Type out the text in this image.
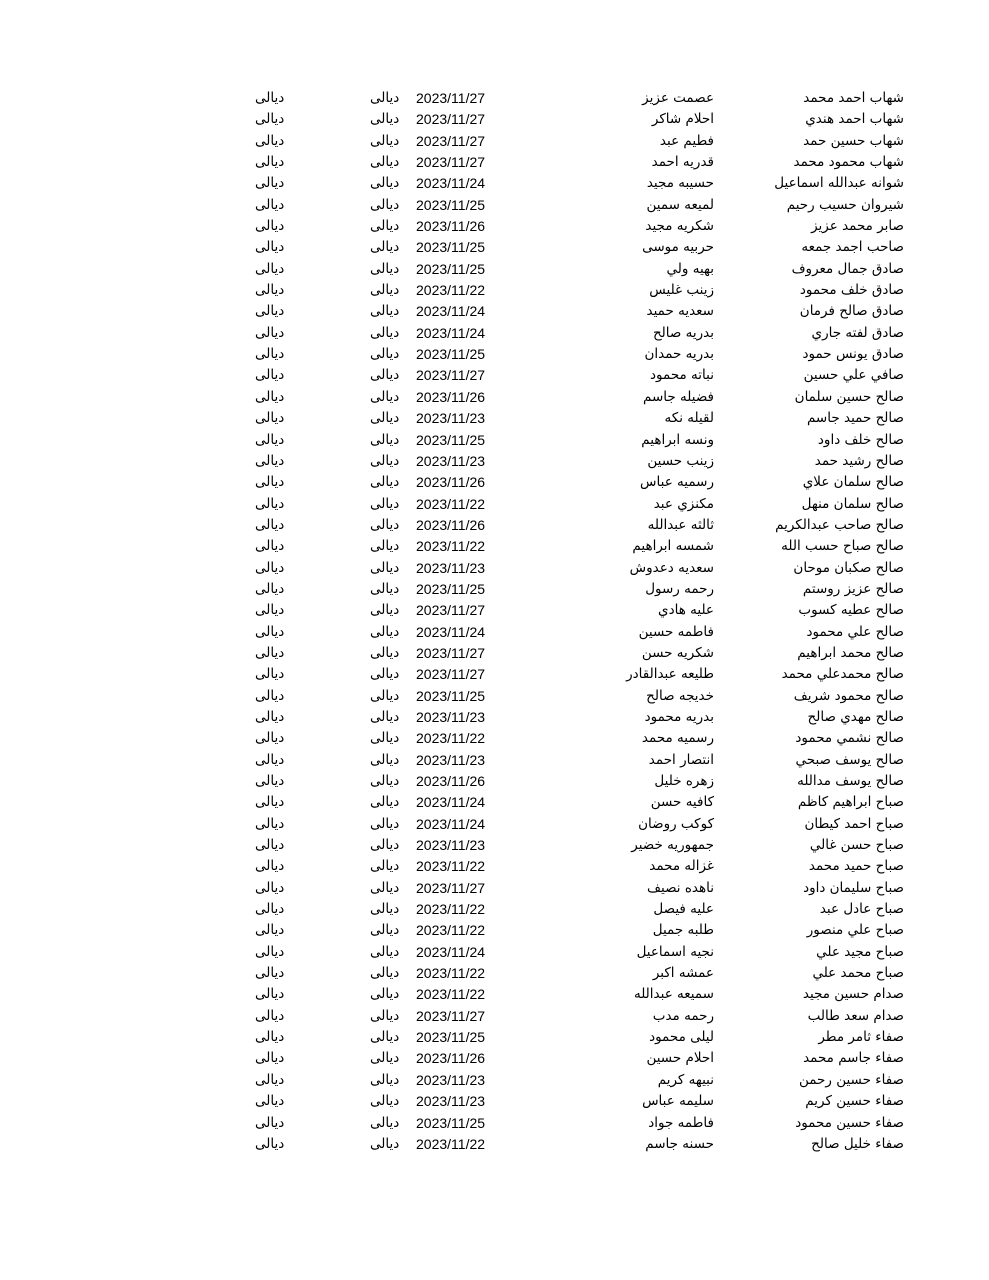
شهاب احمد محمد
عصمت عزيز
2023/11/27
ديالى
ديالى
شهاب احمد هندي
احلام شاكر
2023/11/27
ديالى
ديالى
شهاب حسين حمد
فطيم عبد
2023/11/27
ديالى
ديالى
شهاب محمود محمد
قدريه احمد
2023/11/27
ديالى
ديالى
شوانه عبدالله اسماعيل
حسيبه مجيد
2023/11/24
ديالى
ديالى
شيروان حسيب رحيم
لميعه سمين
2023/11/25
ديالى
ديالى
صابر محمد عزيز
شكريه مجيد
2023/11/26
ديالى
ديالى
صاحب اجمد جمعه
حربيه موسى
2023/11/25
ديالى
ديالى
صادق جمال معروف
بهيه ولي
2023/11/25
ديالى
ديالى
صادق خلف محمود
زينب غليس
2023/11/22
ديالى
ديالى
صادق صالح فرمان
سعديه حميد
2023/11/24
ديالى
ديالى
صادق لفته جاري
بدريه صالح
2023/11/24
ديالى
ديالى
صادق يونس حمود
بدريه حمدان
2023/11/25
ديالى
ديالى
صافي علي حسين
نباته محمود
2023/11/27
ديالى
ديالى
صالح حسين سلمان
فضيله جاسم
2023/11/26
ديالى
ديالى
صالح حميد جاسم
لقيله نكه
2023/11/23
ديالى
ديالى
صالح خلف داود
ونسه ابراهيم
2023/11/25
ديالى
ديالى
صالح رشيد حمد
زينب حسين
2023/11/23
ديالى
ديالى
صالح سلمان علاي
رسميه عباس
2023/11/26
ديالى
ديالى
صالح سلمان منهل
مكنزي عبد
2023/11/22
ديالى
ديالى
صالح صاحب عبدالكريم
ثالثه عبدالله
2023/11/26
ديالى
ديالى
صالح صباح حسب الله
شمسه ابراهيم
2023/11/22
ديالى
ديالى
صالح صكبان موحان
سعديه دعدوش
2023/11/23
ديالى
ديالى
صالح عزيز روستم
رحمه رسول
2023/11/25
ديالى
ديالى
صالح عطيه كسوب
عليه هادي
2023/11/27
ديالى
ديالى
صالح علي محمود
فاطمه حسين
2023/11/24
ديالى
ديالى
صالح محمد ابراهيم
شكريه حسن
2023/11/27
ديالى
ديالى
صالح محمدعلي محمد
طليعه عبدالقادر
2023/11/27
ديالى
ديالى
صالح محمود شريف
خديجه صالح
2023/11/25
ديالى
ديالى
صالح مهدي صالح
بدريه محمود
2023/11/23
ديالى
ديالى
صالح نشمي محمود
رسميه محمد
2023/11/22
ديالى
ديالى
صالح يوسف صبحي
انتصار احمد
2023/11/23
ديالى
ديالى
صالح يوسف مدالله
زهره خليل
2023/11/26
ديالى
ديالى
صباح ابراهيم كاظم
كافيه حسن
2023/11/24
ديالى
ديالى
صباح احمد كيطان
كوكب روضان
2023/11/24
ديالى
ديالى
صباح حسن غالي
جمهوريه خضير
2023/11/23
ديالى
ديالى
صباح حميد محمد
غزاله محمد
2023/11/22
ديالى
ديالى
صباح سليمان داود
ناهده نصيف
2023/11/27
ديالى
ديالى
صباح عادل عبد
عليه فيصل
2023/11/22
ديالى
ديالى
صباح علي منصور
طلبه جميل
2023/11/22
ديالى
ديالى
صباح مجيد علي
نجيه اسماعيل
2023/11/24
ديالى
ديالى
صباح محمد علي
عمشه اكبر
2023/11/22
ديالى
ديالى
صدام حسين مجيد
سميعه عبدالله
2023/11/22
ديالى
ديالى
صدام سعد طالب
رحمه مدب
2023/11/27
ديالى
ديالى
صفاء ثامر مطر
ليلى محمود
2023/11/25
ديالى
ديالى
صفاء جاسم محمد
احلام حسين
2023/11/26
ديالى
ديالى
صفاء حسين رحمن
نبيهه كريم
2023/11/23
ديالى
ديالى
صفاء حسين كريم
سليمه عباس
2023/11/23
ديالى
ديالى
صفاء حسين محمود
فاطمه جواد
2023/11/25
ديالى
ديالى
صفاء خليل صالح
حسنه جاسم
2023/11/22
ديالى
ديالى
